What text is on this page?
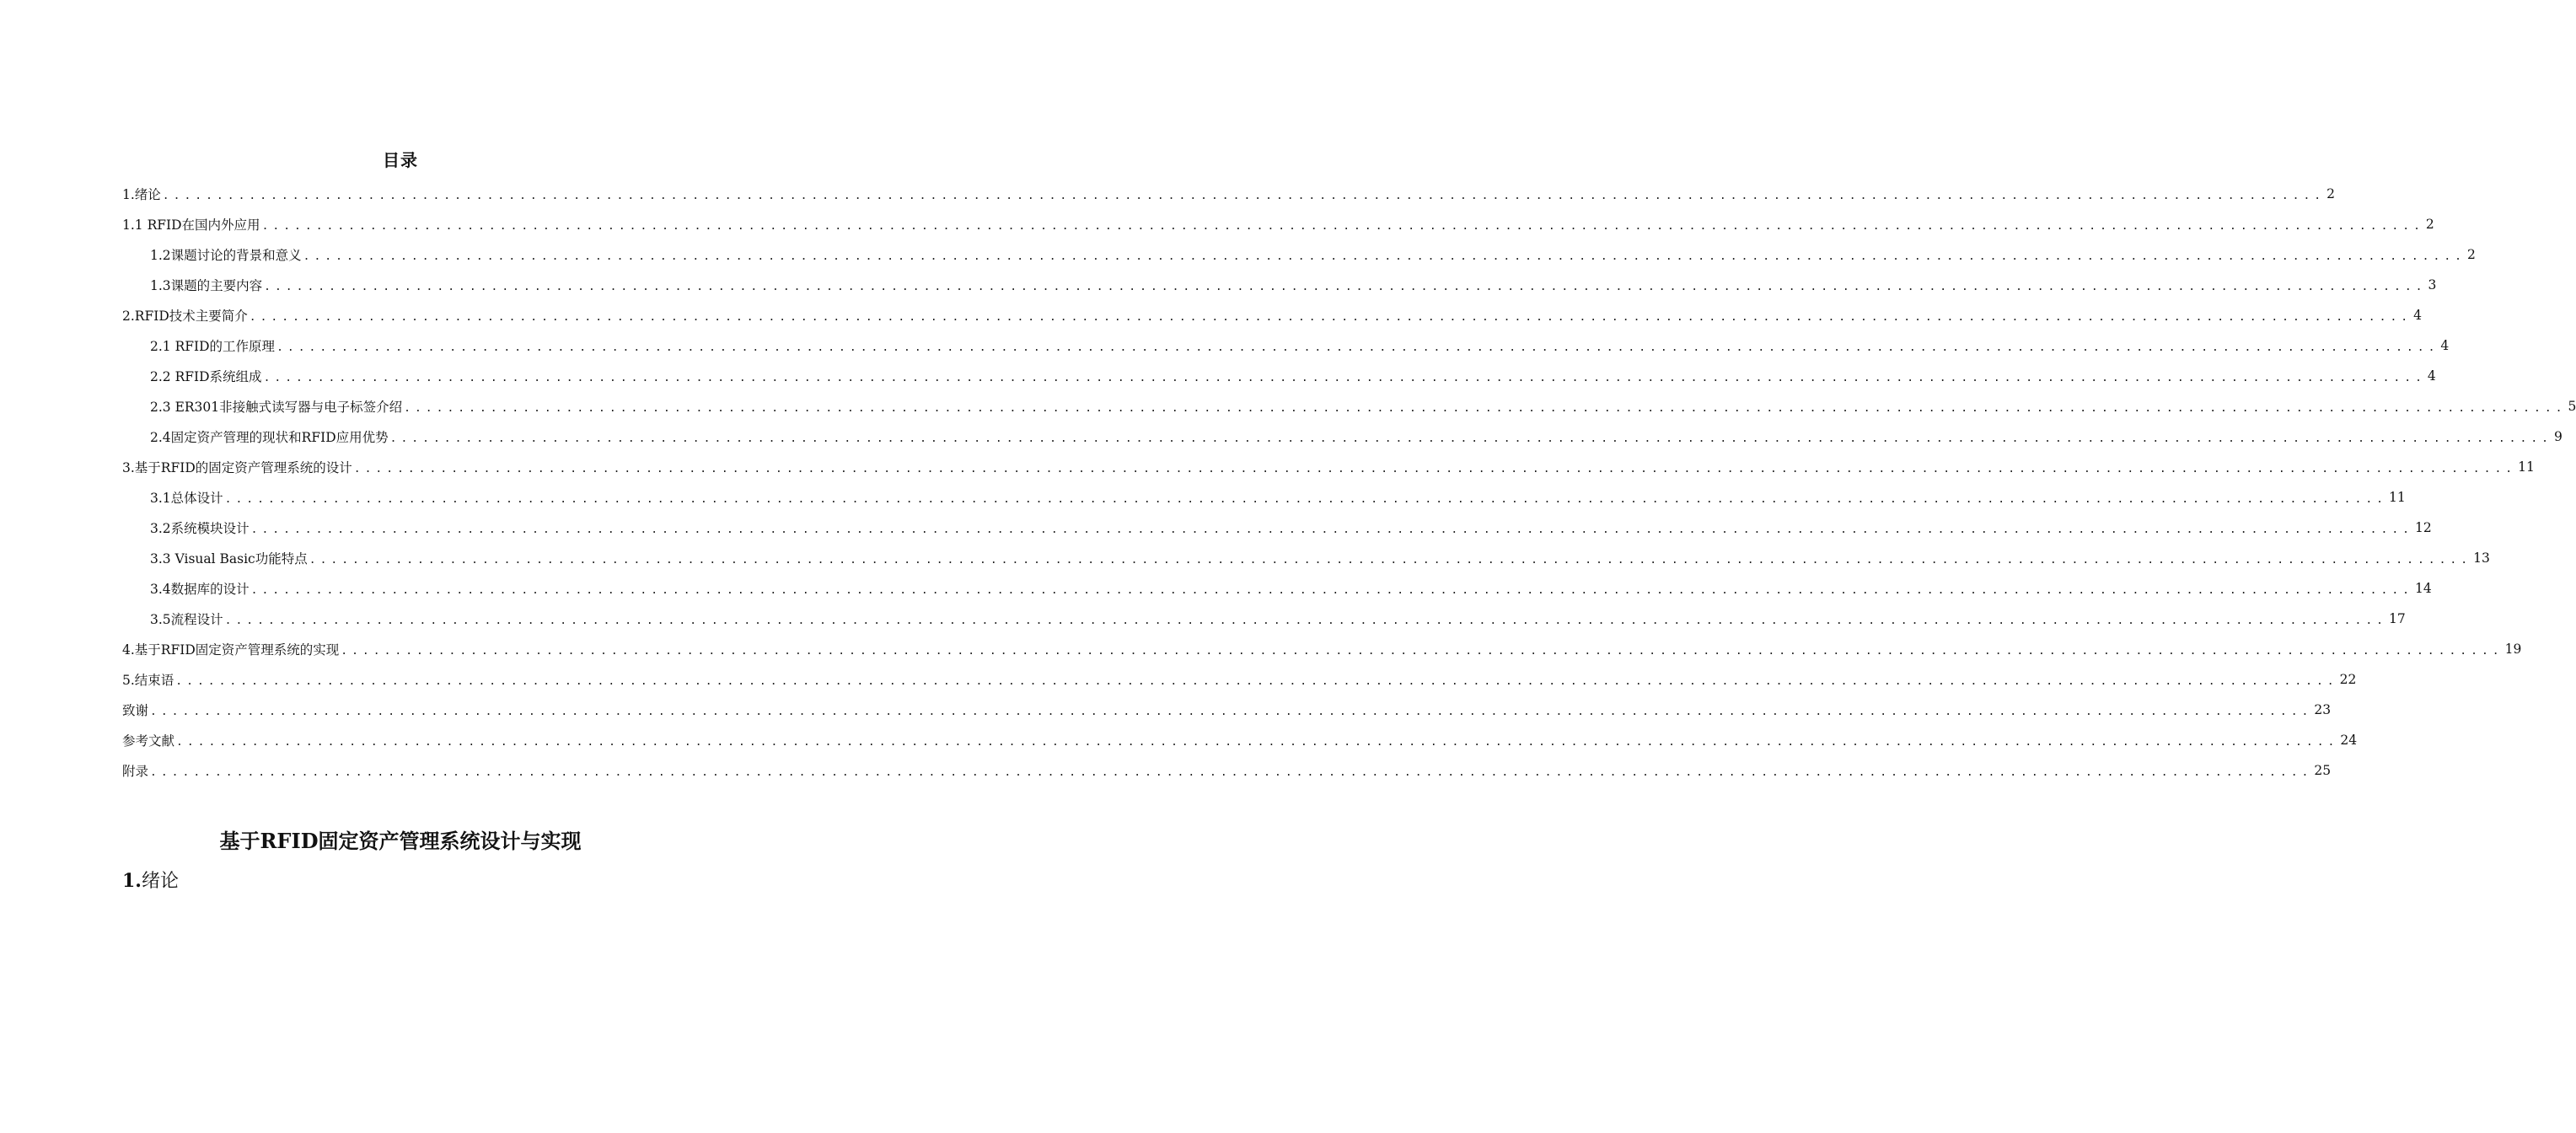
目录
1.绪论 ........................................................................................................................................................................................................ 2
1.1 RFID在国内外应用 ........................................................................................................................................................................................................ 2
1.2课题讨论的背景和意义 ........................................................................................................................................................................................................ 2
1.3课题的主要内容 ........................................................................................................................................................................................................ 3
2.RFID技术主要简介 ........................................................................................................................................................................................................ 4
2.1 RFID的工作原理 ........................................................................................................................................................................................................ 4
2.2 RFID系统组成 ........................................................................................................................................................................................................ 4
2.3 ER301非接触式读写器与电子标签介绍 ........................................................................................................................................................................................................ 5
2.4固定资产管理的现状和RFID应用优势 ........................................................................................................................................................................................................ 9
3.基于RFID的固定资产管理系统的设计 ........................................................................................................................................................................................................ 11
3.1总体设计 ........................................................................................................................................................................................................ 11
3.2系统模块设计 ........................................................................................................................................................................................................ 12
3.3 Visual Basic功能特点 ........................................................................................................................................................................................................ 13
3.4数据库的设计 ........................................................................................................................................................................................................ 14
3.5流程设计 ........................................................................................................................................................................................................ 17
4.基于RFID固定资产管理系统的实现 ........................................................................................................................................................................................................ 19
5.结束语 ........................................................................................................................................................................................................ 22
致谢 ........................................................................................................................................................................................................ 23
参考文献 ........................................................................................................................................................................................................ 24
附录 ........................................................................................................................................................................................................ 25
基于RFID固定资产管理系统设计与实现
1.绪论
